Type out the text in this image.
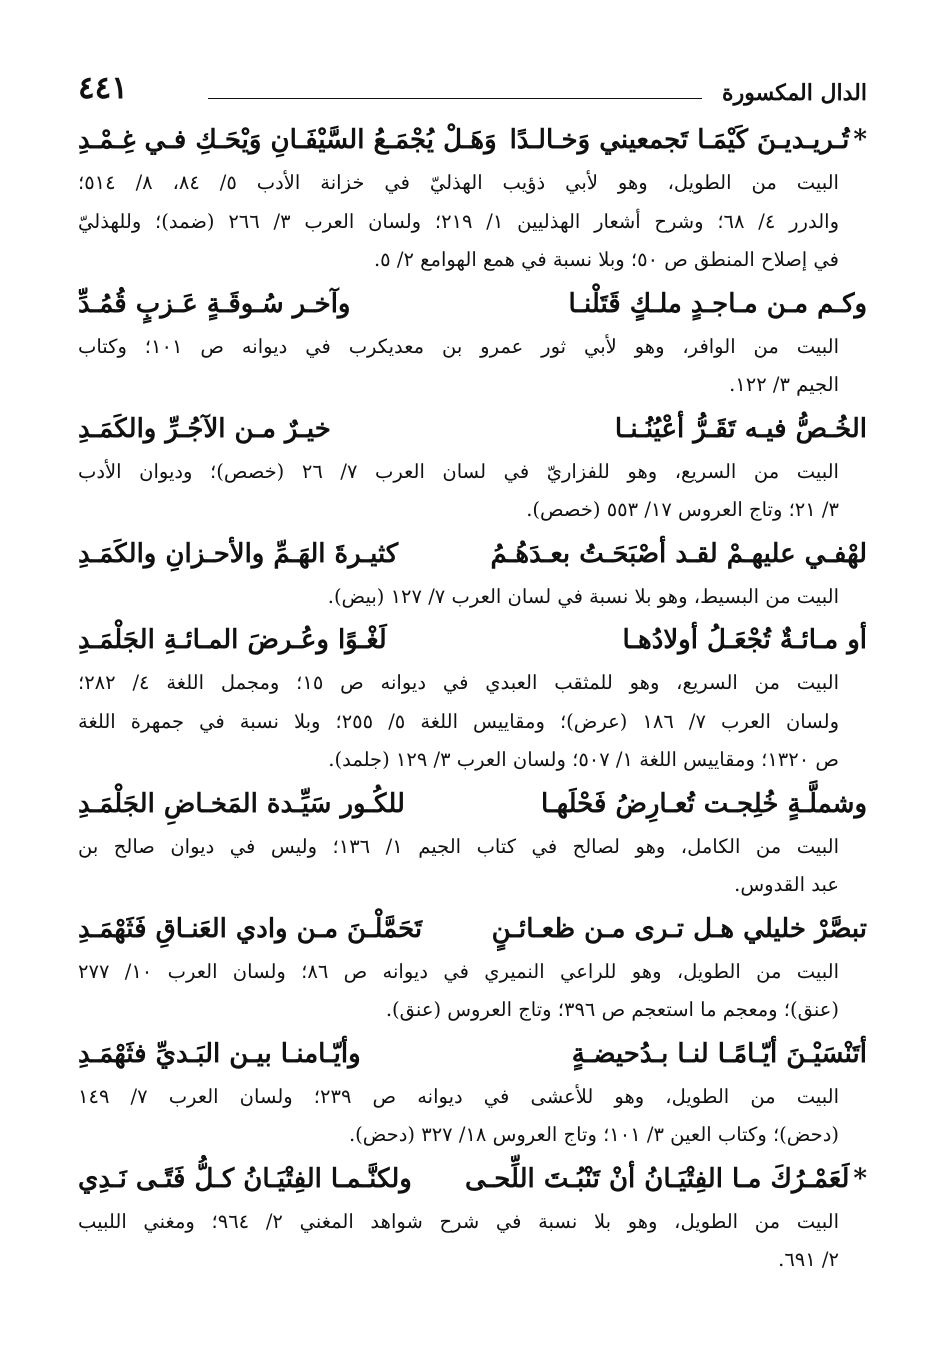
الدال المكسورة
٤٤١
*تُـريـديـنَ كَيْمَـا تَجمعيني وَخـالـدًا
وَهَـلْ يُجْمَـعُ السَّيْفَـانِ وَيْحَـكِ فـي غِـمْـدِ

البيت من الطويل، وهو لأبي ذؤيب الهذليّ في خزانة الأدب ٥/ ٨٤، ٨/ ٥١٤؛
والدرر ٤/ ٦٨؛ وشرح أشعار الهذليين ١/ ٢١٩؛ ولسان العرب ٣/ ٢٦٦ (ضمد)؛ وللهذليّ
في إصلاح المنطق ص ٥٠؛ وبلا نسبة في همع الهوامع ٢/ ٥.

وكـم مـن مـاجـدٍ ملـكٍ قَتَلْنـا
وآخـر سُـوقَـةٍ عَـزبٍ قُمُـدِّ

البيت من الوافر، وهو لأبي ثور عمرو بن معديكرب في ديوانه ص ١٠١؛ وكتاب
الجيم ٣/ ١٢٢.

الخُـصُّ فيـه تَقَـرُّ أعْيُنُـنـا
خيـرٌ مـن الآجُـرِّ والكَمَـدِ

البيت من السريع، وهو للفزاريّ في لسان العرب ٧/ ٢٦ (خصص)؛ وديوان الأدب
٣/ ٢١؛ وتاج العروس ١٧/ ٥٥٣ (خصص).

لهْفـي عليهـمْ لقـد أصْبَحَـتُ بعـدَهُـمُ
كثيـرةَ الهَـمِّ والأحـزانِ والكَمَـدِ

البيت من البسيط، وهو بلا نسبة في لسان العرب ٧/ ١٢٧ (بيض).

أو مـائـةٌ تُجْعَـلُ أولادُهـا
لَغْـوًا وعُـرضَ المـائـةِ الجَلْمَـدِ

البيت من السريع، وهو للمثقب العبدي في ديوانه ص ١٥؛ ومجمل اللغة ٤/ ٢٨٢؛
ولسان العرب ٧/ ١٨٦ (عرض)؛ ومقاييس اللغة ٥/ ٢٥٥؛ وبلا نسبة في جمهرة اللغة
ص ١٣٢٠؛ ومقاييس اللغة ١/ ٥٠٧؛ ولسان العرب ٣/ ١٢٩ (جلمد).

وشملَّـةٍ خُلِجـت تُعـارِضُ فَحْلَهـا
للكُـور سَيِّـدة المَخـاضِ الجَلْمَـدِ

البيت من الكامل، وهو لصالح في كتاب الجيم ١/ ١٣٦؛ وليس في ديوان صالح بن
عبد القدوس.

تبصَّرْ خليلي هـل تـرى مـن ظعـائـنٍ
تَحَمَّلْـنَ مـن وادي العَنـاقِ فَثَهْمَـدِ

البيت من الطويل، وهو للراعي النميري في ديوانه ص ٨٦؛ ولسان العرب ١٠/ ٢٧٧
(عنق)؛ ومعجم ما استعجم ص ٣٩٦؛ وتاج العروس (عنق).

أتَنْسَيْـنَ أيّـامًـا لنـا بـدُحيضـةٍ
وأيّـامنـا بيـن البَـديِّ فثَهْمَـدِ

البيت من الطويل، وهو للأعشى في ديوانه ص ٢٣٩؛ ولسان العرب ٧/ ١٤٩
(دحض)؛ وكتاب العين ٣/ ١٠١؛ وتاج العروس ١٨/ ٣٢٧ (دحض).

*لَعَمْـرُكَ مـا الفِتْيَـانُ أنْ تَنْبُـتَ اللِّحـى
ولكنَّـمـا الفِتْيَـانُ كـلُّ فَتًـى نَـدِي

البيت من الطويل، وهو بلا نسبة في شرح شواهد المغني ٢/ ٩٦٤؛ ومغني اللبيب
٢/ ٦٩١.
